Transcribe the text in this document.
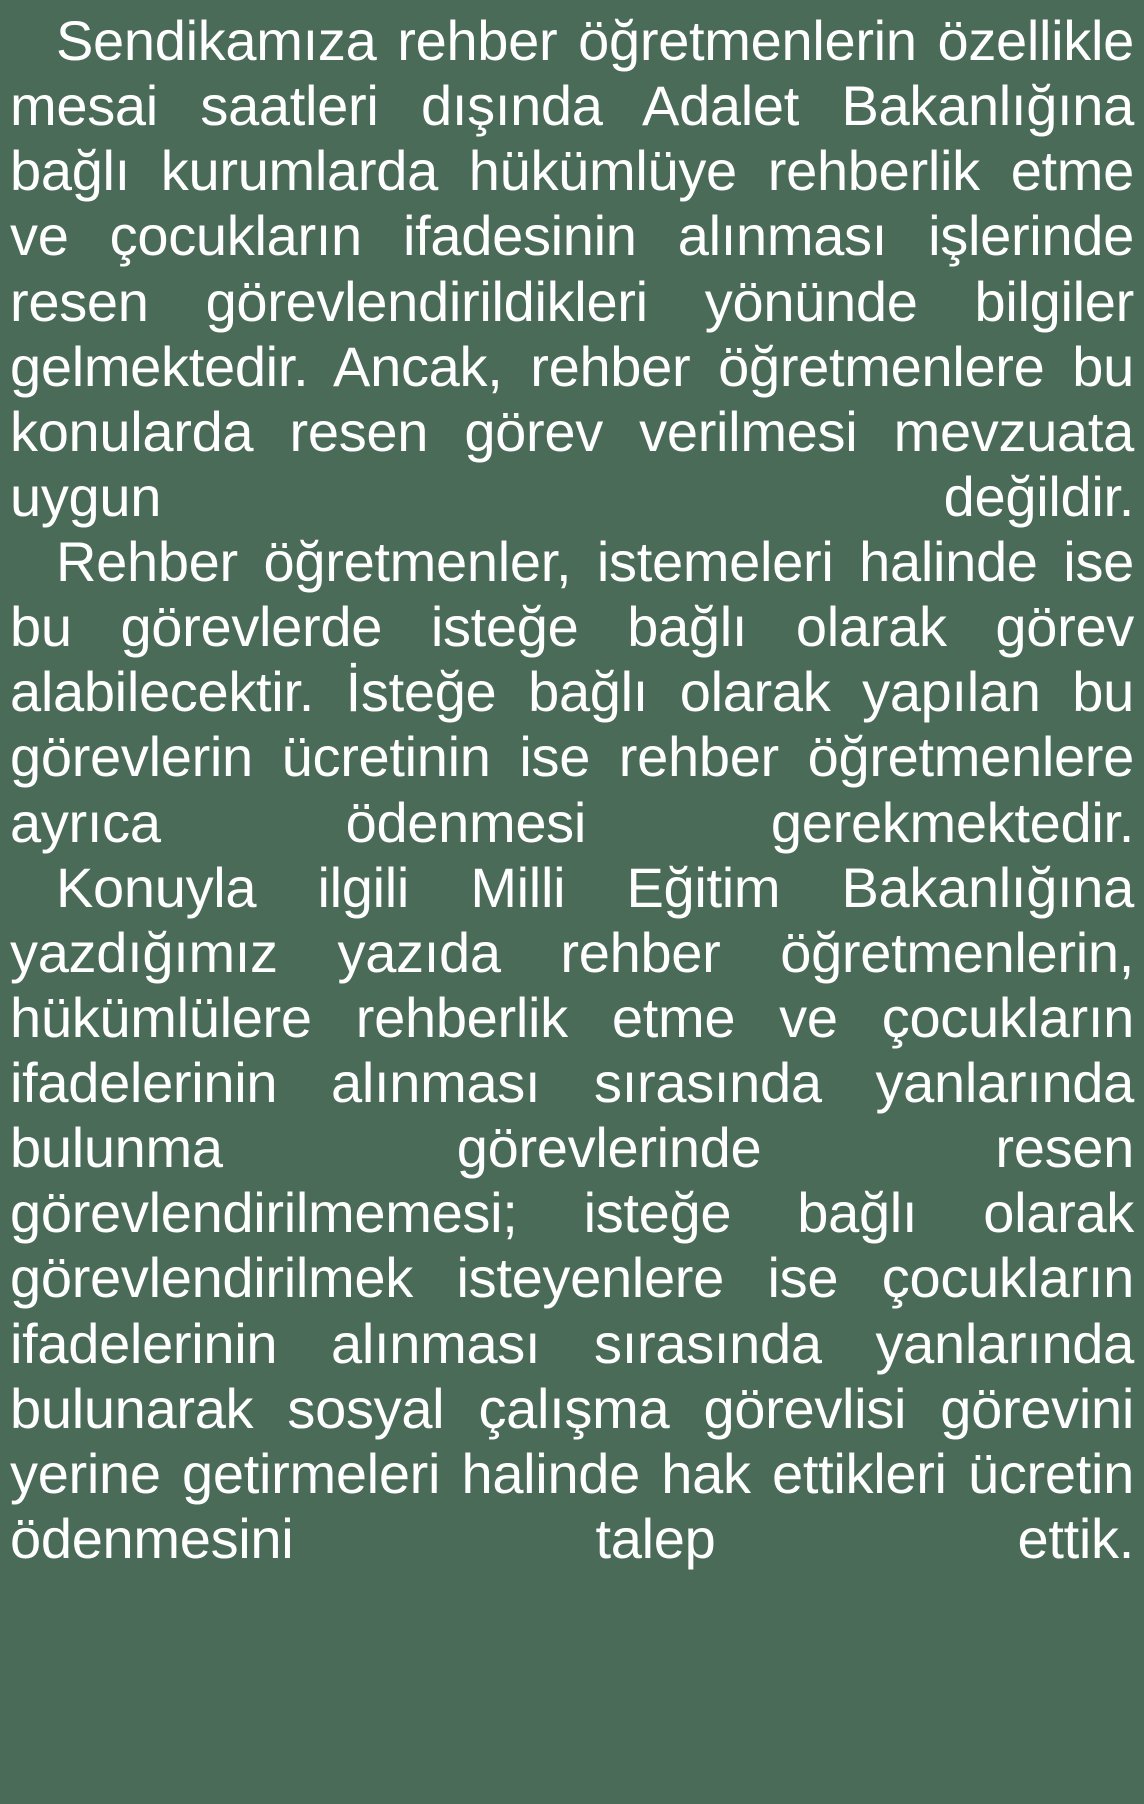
Sendikamıza rehber öğretmenlerin özellikle mesai saatleri dışında Adalet Bakanlığına bağlı kurumlarda hükümlüye rehberlik etme ve çocukların ifadesinin alınması işlerinde resen görevlendirildikleri yönünde bilgiler gelmektedir. Ancak, rehber öğretmenlere bu konularda resen görev verilmesi mevzuata uygun değildir.

Rehber öğretmenler, istemeleri halinde ise bu görevlerde isteğe bağlı olarak görev alabilecektir. İsteğe bağlı olarak yapılan bu görevlerin ücretinin ise rehber öğretmenlere ayrıca ödenmesi gerekmektedir.

Konuyla ilgili Milli Eğitim Bakanlığına yazdığımız yazıda rehber öğretmenlerin, hükümlülere rehberlik etme ve çocukların ifadelerinin alınması sırasında yanlarında bulunma görevlerinde resen görevlendirilmemesi; isteğe bağlı olarak görevlendirilmek isteyenlere ise çocukların ifadelerinin alınması sırasında yanlarında bulunarak sosyal çalışma görevlisi görevini yerine getirmeleri halinde hak ettikleri ücretin ödenmesini talep ettik.
